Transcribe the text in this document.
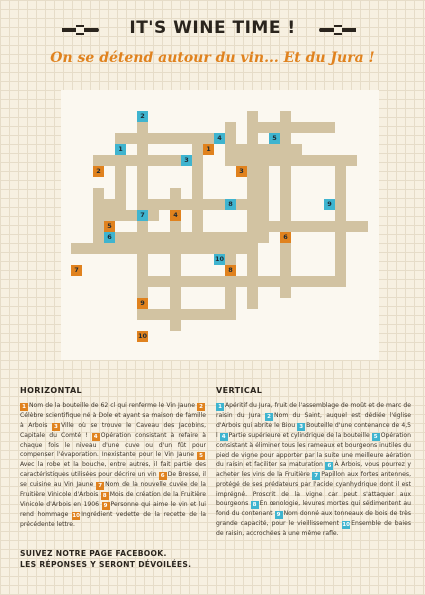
IT'S WINE TIME !
On se détend autour du vin... Et du Jura !
1
2
3
4	5
6
7
8	9
10
1
2	3
4
5
6
7	8
9
10
HORIZONTAL

1 Nom de la bouteille de 62 cl qui renferme le Vin Jaune 2Célèbre scientifique né à Dole et ayant sa maison de famille à Arbois 3 Ville où se trouve le Caveau des Jacobins, Capitale du Comté ! 4 Opération consistant à refaire à chaque fois le niveau d'une cuve ou d'un fût pour compenser l'évaporation. Inexistante pour le Vin Jaune 5Avec la robe et la bouche, entre autres, il fait partie des caractéristiques utilisées pour décrire un vin 6 De Bresse, il se cuisine au Vin Jaune 7 Nom de la nouvelle cuvée de la Fruitière Vinicole d'Arbois 8 Mois de création de la Fruitière Vinicole d'Arbois en 1906 9 Personne qui aime le vin et lui rend hommage 10Ingrédient vedette de la recette de la précédente lettre.

VERTICAL

1 Apéritif du Jura, fruit de l'assemblage de moût et de marc de raisin du Jura 2 Nom du Saint, auquel est dédiée l'église d'Arbois qui abrite le Biou 3 Bouteille d'une contenance de 4,5 l 4 Partie supérieure et cylindrique de la bouteille 5 Opération consistant à éliminer tous les rameaux et bourgeons inutiles du pied de vigne pour apporter par la suite une meilleure aération du raisin et faciliter sa maturation 6 À Arbois, vous pourrez y acheter les vins de la Fruitière 7 Papillon aux fortes antennes, protégé de ses prédateurs par l'acide cyanhydrique dont il est imprégné. Proscrit de la vigne car peut s'attaquer aux bourgeons 8 En œnologie, levures mortes qui sédimentent au fond du contenant 9 Nom donné aux tonneaux de bois de très grande capacité, pour le vieillissement 10Ensemble de baies de raisin, accrochées à une même rafle.

SUIVEZ NOTRE PAGE FACEBOOK.
LES RÉPONSES Y SERONT DÉVOILÉES.
